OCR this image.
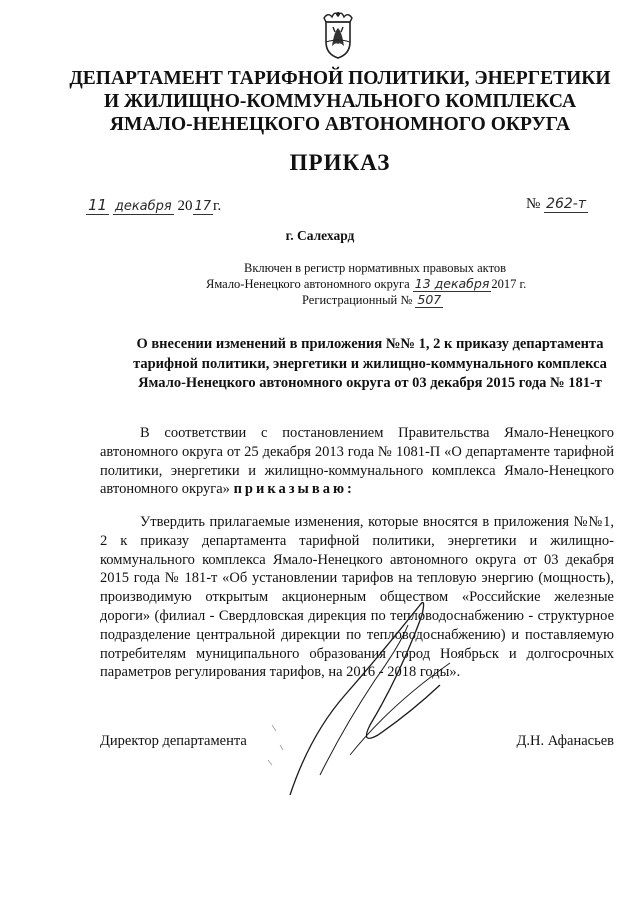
ДЕПАРТАМЕНТ ТАРИФНОЙ ПОЛИТИКИ, ЭНЕРГЕТИКИ
И ЖИЛИЩНО-КОММУНАЛЬНОГО КОМПЛЕКСА
ЯМАЛО-НЕНЕЦКОГО АВТОНОМНОГО ОКРУГА
ПРИКАЗ
11 декабря 20 17 г.	№ 262-т
г. Салехард
Включен в регистр нормативных правовых актов
Ямало-Ненецкого автономного округа 13 декабря 2017 г.
Регистрационный № 507
О внесении изменений в приложения №№ 1, 2 к приказу департамента
тарифной политики, энергетики и жилищно-коммунального комплекса
Ямало-Ненецкого автономного округа от 03 декабря 2015 года № 181-т
В соответствии с постановлением Правительства Ямало-Ненецкого автономного округа от 25 декабря 2013 года № 1081-П «О департаменте тарифной политики, энергетики и жилищно-коммунального комплекса Ямало-Ненецкого автономного округа» приказываю:
Утвердить прилагаемые изменения, которые вносятся в приложения №№1, 2 к приказу департамента тарифной политики, энергетики и жилищно-коммунального комплекса Ямало-Ненецкого автономного округа от 03 декабря 2015 года № 181-т «Об установлении тарифов на тепловую энергию (мощность), производимую открытым акционерным обществом «Российские железные дороги» (филиал - Свердловская дирекция по тепловодоснабжению - структурное подразделение центральной дирекции по тепловодоснабжению) и поставляемую потребителям муниципального образования город Ноябрьск и долгосрочных параметров регулирования тарифов, на 2016 - 2018 годы».
Директор департамента	Д.Н. Афанасьев
